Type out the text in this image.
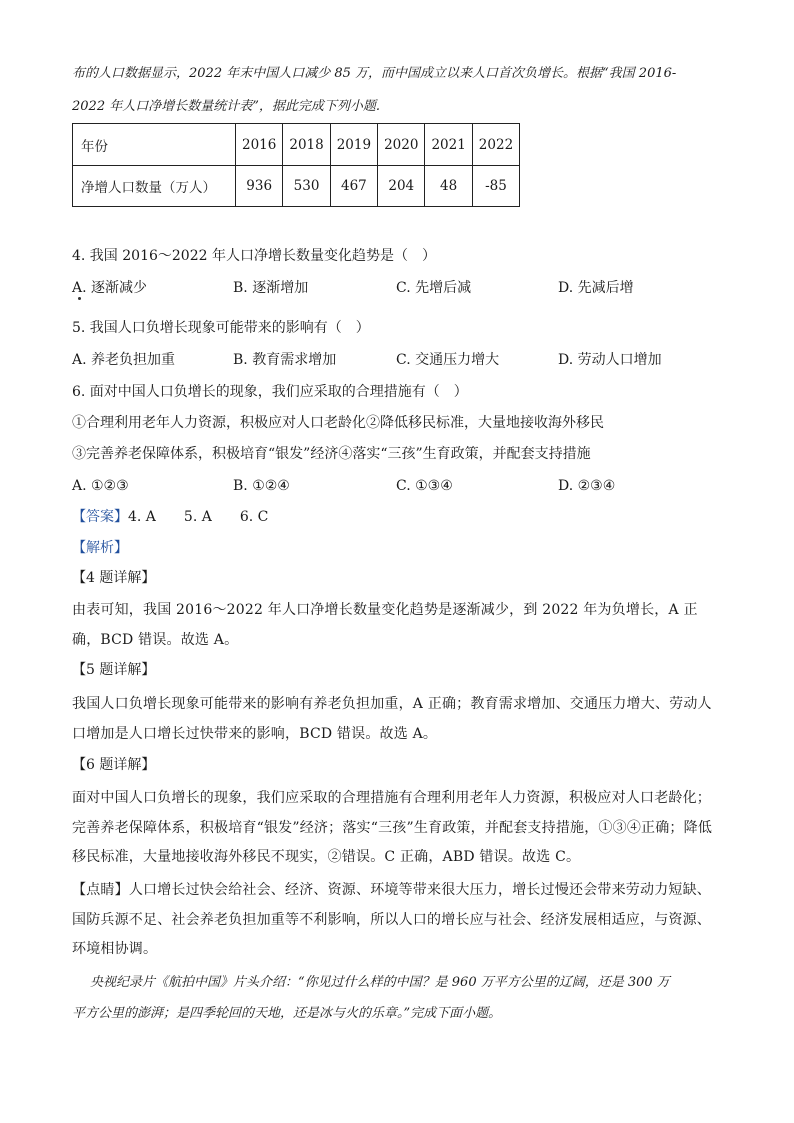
布的人口数据显示，2022 年末中国人口减少 85 万，而中国成立以来人口首次负增长。根据“我国 2016-
2022 年人口净增长数量统计表”，据此完成下列小题.
年份	2016	2018	2019	2020	2021	2022
净增人口数量（万人）	936	530	467	204	48	-85
4. 我国 2016～2022 年人口净增长数量变化趋势是（　）
A. 逐渐减少	B. 逐渐增加	C. 先增后减	D. 先减后增
5. 我国人口负增长现象可能带来的影响有（　）
A. 养老负担加重	B. 教育需求增加	C. 交通压力增大	D. 劳动人口增加
6. 面对中国人口负增长的现象，我们应采取的合理措施有（　）
①合理利用老年人力资源，积极应对人口老龄化②降低移民标准，大量地接收海外移民
③完善养老保障体系，积极培育“银发”经济④落实“三孩”生育政策，并配套支持措施
A. ①②③	B. ①②④	C. ①③④	D. ②③④
【答案】4. A　　5. A　　6. C
【解析】
【4 题详解】
由表可知，我国 2016～2022 年人口净增长数量变化趋势是逐渐减少，到 2022 年为负增长，A 正确，BCD 错误。故选 A。
【5 题详解】
我国人口负增长现象可能带来的影响有养老负担加重，A 正确；教育需求增加、交通压力增大、劳动人口增加是人口增长过快带来的影响，BCD 错误。故选 A。
【6 题详解】
面对中国人口负增长的现象，我们应采取的合理措施有合理利用老年人力资源，积极应对人口老龄化；完善养老保障体系，积极培育“银发”经济；落实“三孩”生育政策，并配套支持措施，①③④正确；降低移民标准，大量地接收海外移民不现实，②错误。C 正确，ABD 错误。故选 C。
【点睛】人口增长过快会给社会、经济、资源、环境等带来很大压力，增长过慢还会带来劳动力短缺、国防兵源不足、社会养老负担加重等不利影响，所以人口的增长应与社会、经济发展相适应，与资源、环境相协调。
央视纪录片《航拍中国》片头介绍：“你见过什么样的中国？是 960 万平方公里的辽阔，还是 300 万
平方公里的澎湃；是四季轮回的天地，还是冰与火的乐章。”完成下面小题。
